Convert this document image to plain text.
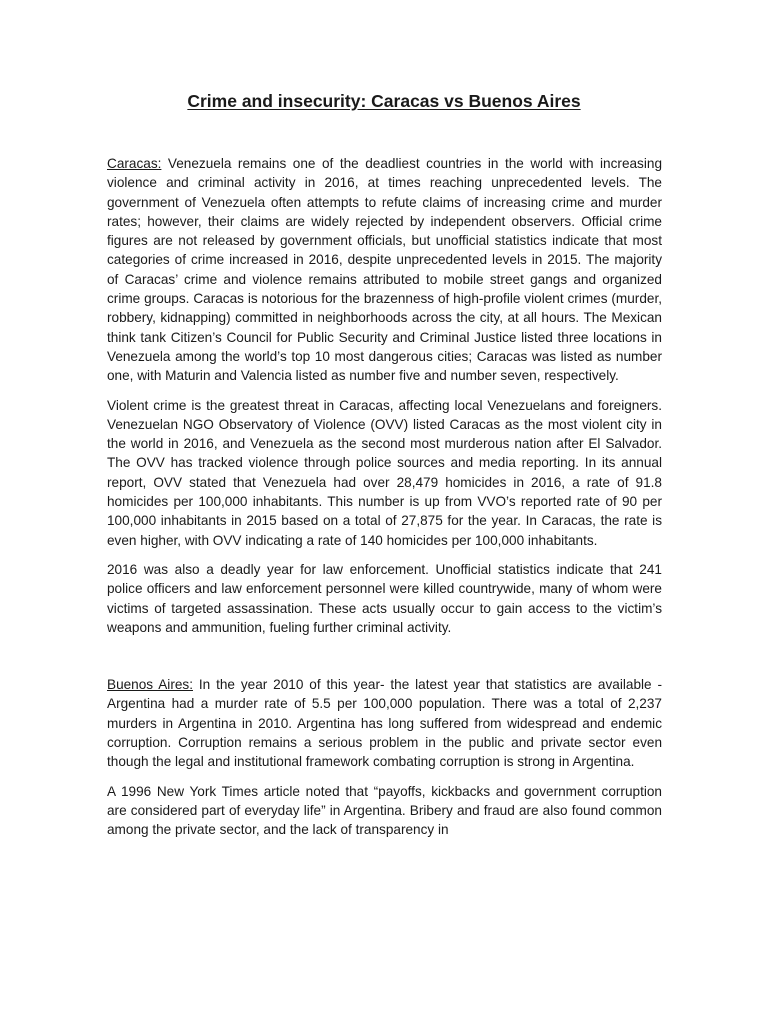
Crime and insecurity: Caracas vs Buenos Aires

Caracas: Venezuela remains one of the deadliest countries in the world with increasing violence and criminal activity in 2016, at times reaching unprecedented levels. The government of Venezuela often attempts to refute claims of increasing crime and murder rates; however, their claims are widely rejected by independent observers. Official crime figures are not released by government officials, but unofficial statistics indicate that most categories of crime increased in 2016, despite unprecedented levels in 2015. The majority of Caracas’ crime and violence remains attributed to mobile street gangs and organized crime groups. Caracas is notorious for the brazenness of high-profile violent crimes (murder, robbery, kidnapping) committed in neighborhoods across the city, at all hours. The Mexican think tank Citizen’s Council for Public Security and Criminal Justice listed three locations in Venezuela among the world’s top 10 most dangerous cities; Caracas was listed as number one, with Maturin and Valencia listed as number five and number seven, respectively.

Violent crime is the greatest threat in Caracas, affecting local Venezuelans and foreigners. Venezuelan NGO Observatory of Violence (OVV) listed Caracas as the most violent city in the world in 2016, and Venezuela as the second most murderous nation after El Salvador. The OVV has tracked violence through police sources and media reporting. In its annual report, OVV stated that Venezuela had over 28,479 homicides in 2016, a rate of 91.8 homicides per 100,000 inhabitants. This number is up from VVO’s reported rate of 90 per 100,000 inhabitants in 2015 based on a total of 27,875 for the year. In Caracas, the rate is even higher, with OVV indicating a rate of 140 homicides per 100,000 inhabitants.

2016 was also a deadly year for law enforcement. Unofficial statistics indicate that 241 police officers and law enforcement personnel were killed countrywide, many of whom were victims of targeted assassination. These acts usually occur to gain access to the victim’s weapons and ammunition, fueling further criminal activity.

Buenos Aires: In the year 2010 of this year- the latest year that statistics are available - Argentina had a murder rate of 5.5 per 100,000 population. There was a total of 2,237 murders in Argentina in 2010. Argentina has long suffered from widespread and endemic corruption. Corruption remains a serious problem in the public and private sector even though the legal and institutional framework combating corruption is strong in Argentina.

A 1996 New York Times article noted that “payoffs, kickbacks and government corruption are considered part of everyday life” in Argentina. Bribery and fraud are also found common among the private sector, and the lack of transparency in
